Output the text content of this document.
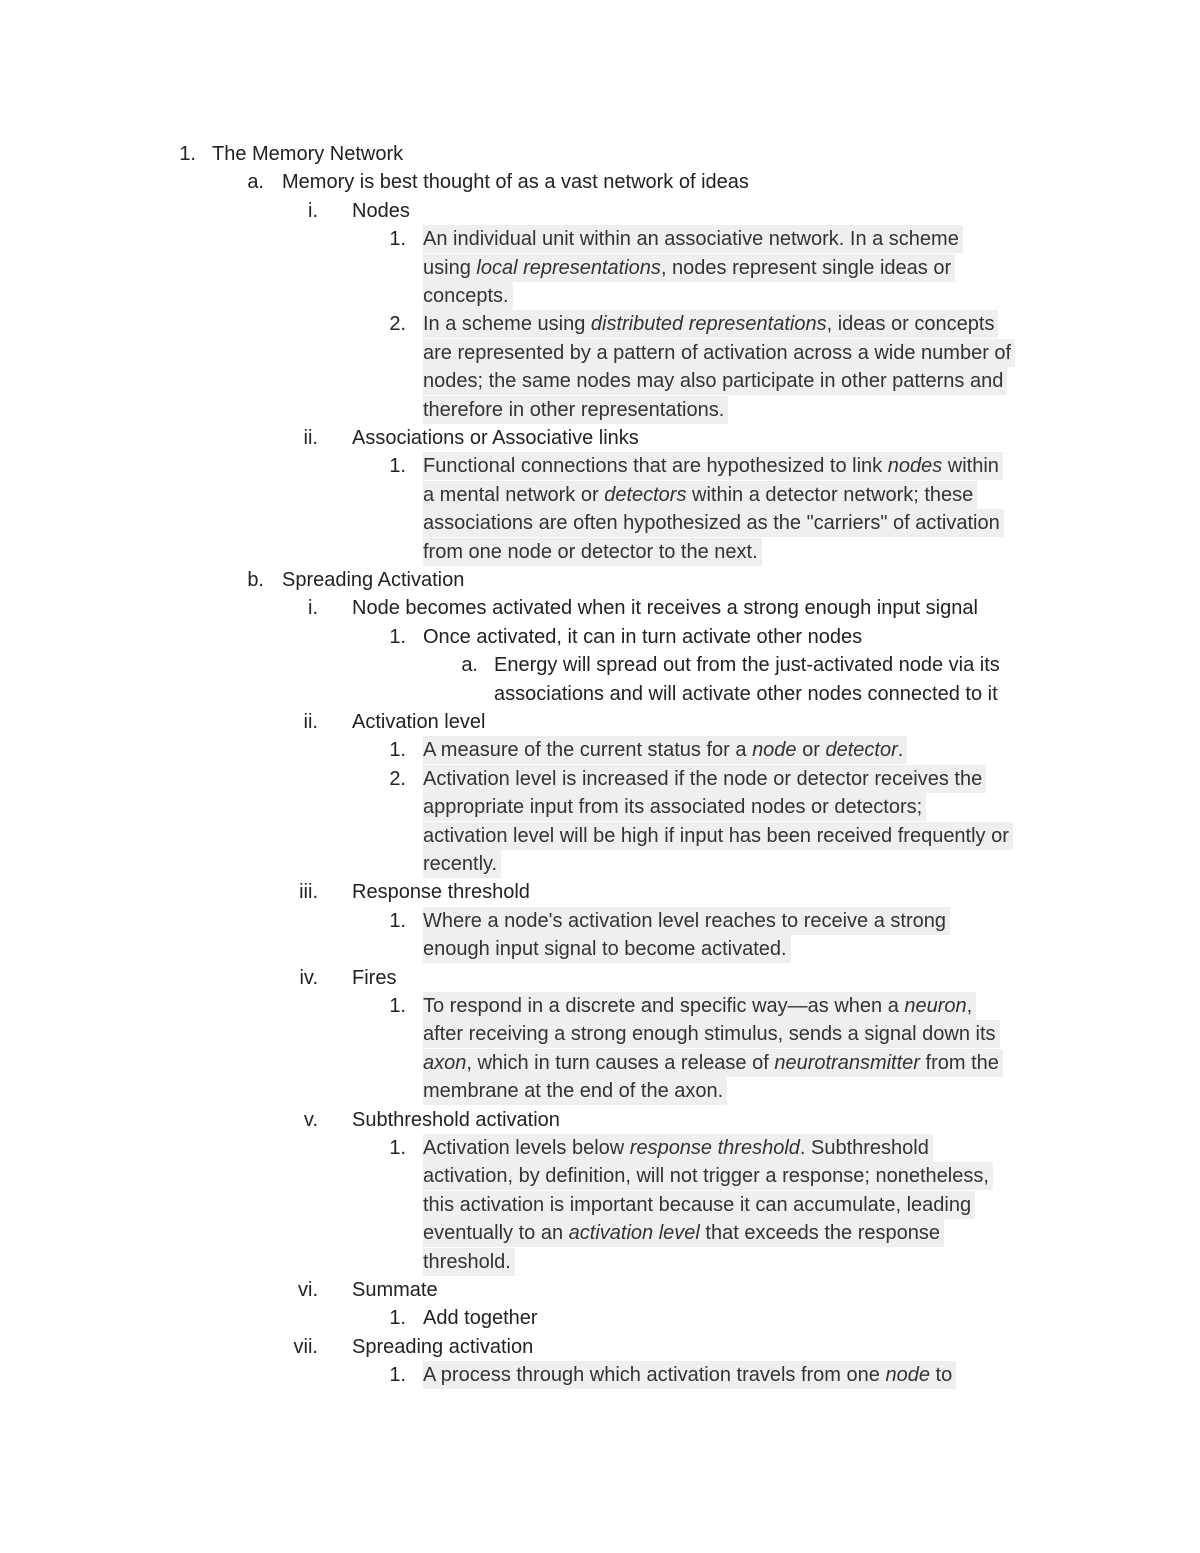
1. The Memory Network
a. Memory is best thought of as a vast network of ideas
i. Nodes
1. An individual unit within an associative network. In a scheme
using local representations, nodes represent single ideas or
concepts.
2. In a scheme using distributed representations, ideas or concepts
are represented by a pattern of activation across a wide number of
nodes; the same nodes may also participate in other patterns and
therefore in other representations.
ii. Associations or Associative links
1. Functional connections that are hypothesized to link nodes within
a mental network or detectors within a detector network; these
associations are often hypothesized as the "carriers" of activation
from one node or detector to the next.
b. Spreading Activation
i. Node becomes activated when it receives a strong enough input signal
1. Once activated, it can in turn activate other nodes
a. Energy will spread out from the just-activated node via its
associations and will activate other nodes connected to it
ii. Activation level
1. A measure of the current status for a node or detector.
2. Activation level is increased if the node or detector receives the
appropriate input from its associated nodes or detectors;
activation level will be high if input has been received frequently or
recently.
iii. Response threshold
1. Where a node's activation level reaches to receive a strong
enough input signal to become activated.
iv. Fires
1. To respond in a discrete and specific way—as when a neuron,
after receiving a strong enough stimulus, sends a signal down its
axon, which in turn causes a release of neurotransmitter from the
membrane at the end of the axon.
v. Subthreshold activation
1. Activation levels below response threshold. Subthreshold
activation, by definition, will not trigger a response; nonetheless,
this activation is important because it can accumulate, leading
eventually to an activation level that exceeds the response
threshold.
vi. Summate
1. Add together
vii. Spreading activation
1. A process through which activation travels from one node to
